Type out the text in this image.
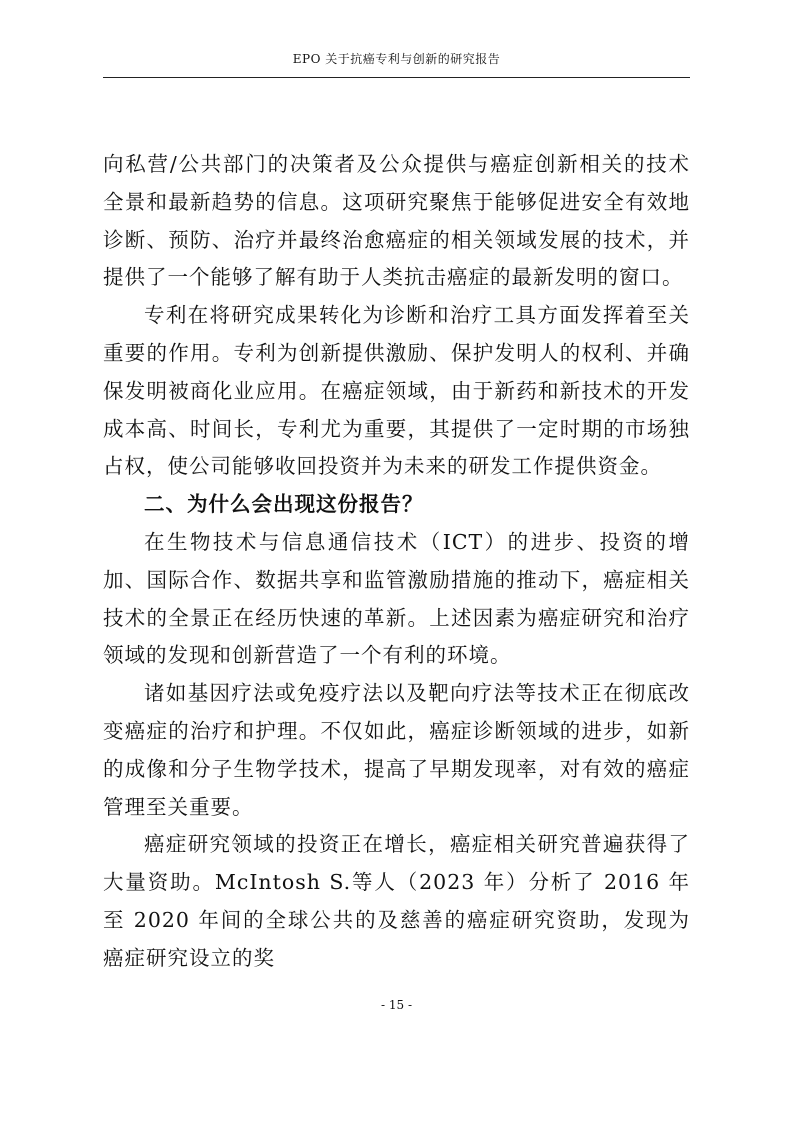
EPO 关于抗癌专利与创新的研究报告

向私营/公共部门的决策者及公众提供与癌症创新相关的技术全景和最新趋势的信息。这项研究聚焦于能够促进安全有效地诊断、预防、治疗并最终治愈癌症的相关领域发展的技术，并提供了一个能够了解有助于人类抗击癌症的最新发明的窗口。

专利在将研究成果转化为诊断和治疗工具方面发挥着至关重要的作用。专利为创新提供激励、保护发明人的权利、并确保发明被商化业应用。在癌症领域，由于新药和新技术的开发成本高、时间长，专利尤为重要，其提供了一定时期的市场独占权，使公司能够收回投资并为未来的研发工作提供资金。

二、为什么会出现这份报告？

在生物技术与信息通信技术（ICT）的进步、投资的增加、国际合作、数据共享和监管激励措施的推动下，癌症相关技术的全景正在经历快速的革新。上述因素为癌症研究和治疗领域的发现和创新营造了一个有利的环境。

诸如基因疗法或免疫疗法以及靶向疗法等技术正在彻底改变癌症的治疗和护理。不仅如此，癌症诊断领域的进步，如新的成像和分子生物学技术，提高了早期发现率，对有效的癌症管理至关重要。

癌症研究领域的投资正在增长，癌症相关研究普遍获得了大量资助。McIntosh S.等人（2023 年）分析了 2016 年至 2020 年间的全球公共的及慈善的癌症研究资助，发现为癌症研究设立的奖

- 15 -
